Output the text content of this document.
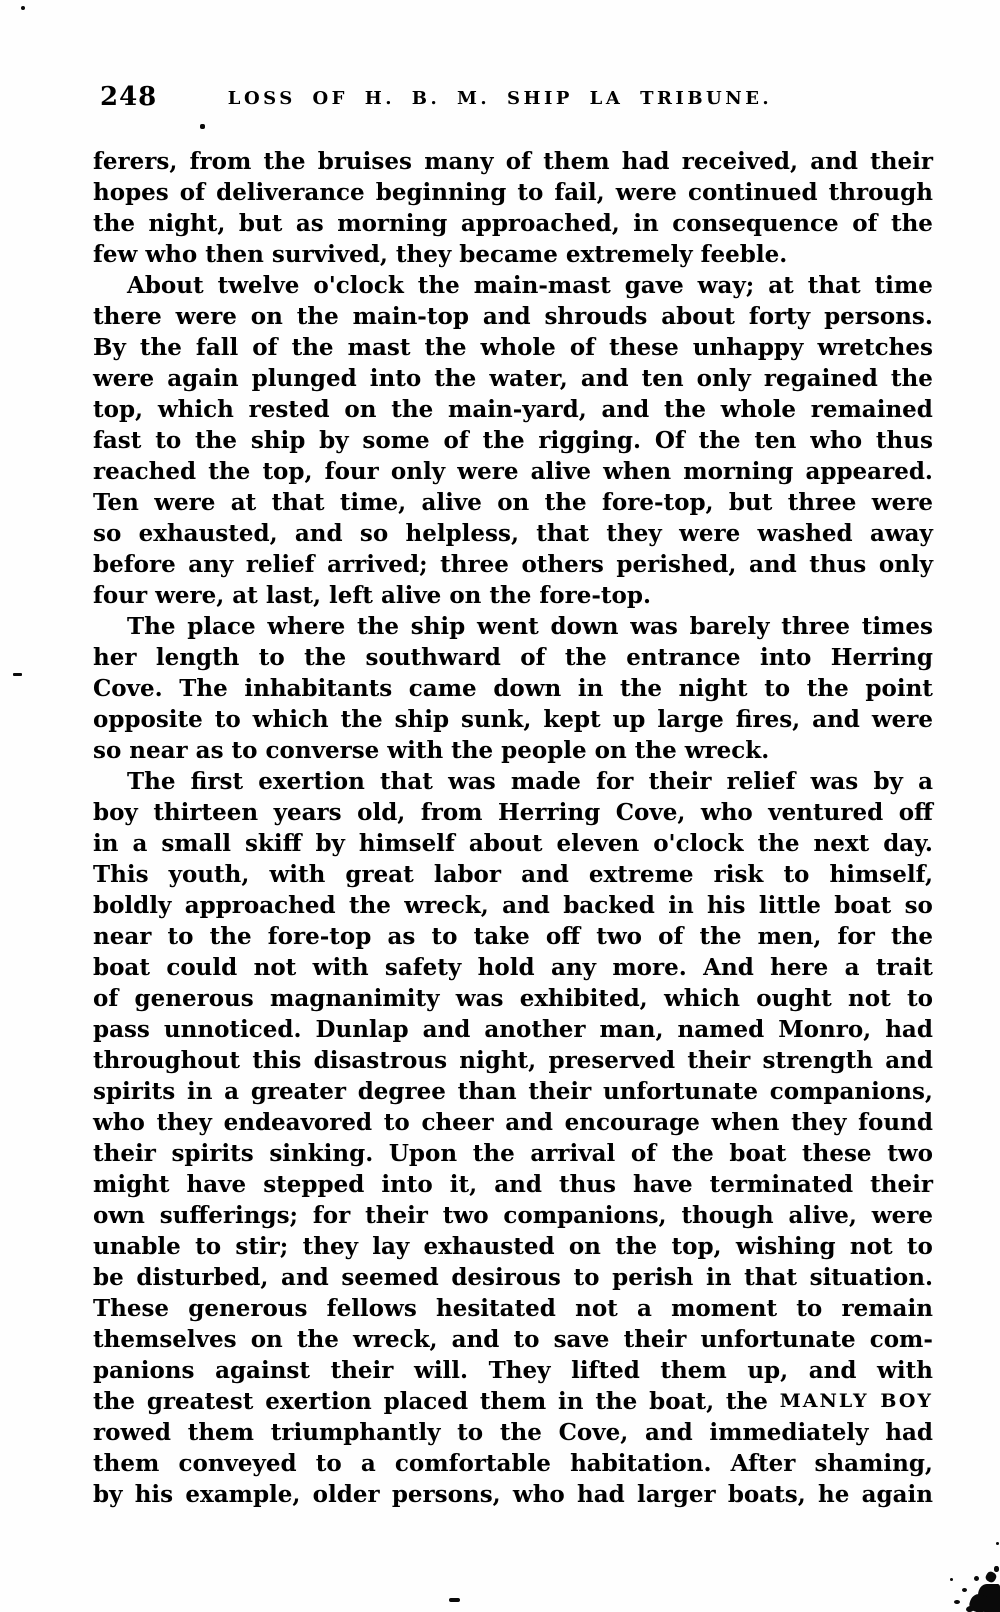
248	LOSS OF H. B. M. SHIP LA TRIBUNE.
ferers, from the bruises many of them had received, and their
hopes of deliverance beginning to fail, were continued through
the night, but as morning approached, in consequence of the
few who then survived, they became extremely feeble.
About twelve o'clock the main-mast gave way; at that time
there were on the main-top and shrouds about forty persons.
By the fall of the mast the whole of these unhappy wretches
were again plunged into the water, and ten only regained the
top, which rested on the main-yard, and the whole remained
fast to the ship by some of the rigging. Of the ten who thus
reached the top, four only were alive when morning appeared.
Ten were at that time, alive on the fore-top, but three were
so exhausted, and so helpless, that they were washed away
before any relief arrived; three others perished, and thus only
four were, at last, left alive on the fore-top.
The place where the ship went down was barely three times
her length to the southward of the entrance into Herring
Cove. The inhabitants came down in the night to the point
opposite to which the ship sunk, kept up large fires, and were
so near as to converse with the people on the wreck.
The first exertion that was made for their relief was by a
boy thirteen years old, from Herring Cove, who ventured off
in a small skiff by himself about eleven o'clock the next day.
This youth, with great labor and extreme risk to himself,
boldly approached the wreck, and backed in his little boat so
near to the fore-top as to take off two of the men, for the
boat could not with safety hold any more. And here a trait
of generous magnanimity was exhibited, which ought not to
pass unnoticed. Dunlap and another man, named Monro, had
throughout this disastrous night, preserved their strength and
spirits in a greater degree than their unfortunate companions,
who they endeavored to cheer and encourage when they found
their spirits sinking. Upon the arrival of the boat these two
might have stepped into it, and thus have terminated their
own sufferings; for their two companions, though alive, were
unable to stir; they lay exhausted on the top, wishing not to
be disturbed, and seemed desirous to perish in that situation.
These generous fellows hesitated not a moment to remain
themselves on the wreck, and to save their unfortunate com-
panions against their will. They lifted them up, and with
the greatest exertion placed them in the boat, the MANLY BOY
rowed them triumphantly to the Cove, and immediately had
them conveyed to a comfortable habitation. After shaming,
by his example, older persons, who had larger boats, he again
